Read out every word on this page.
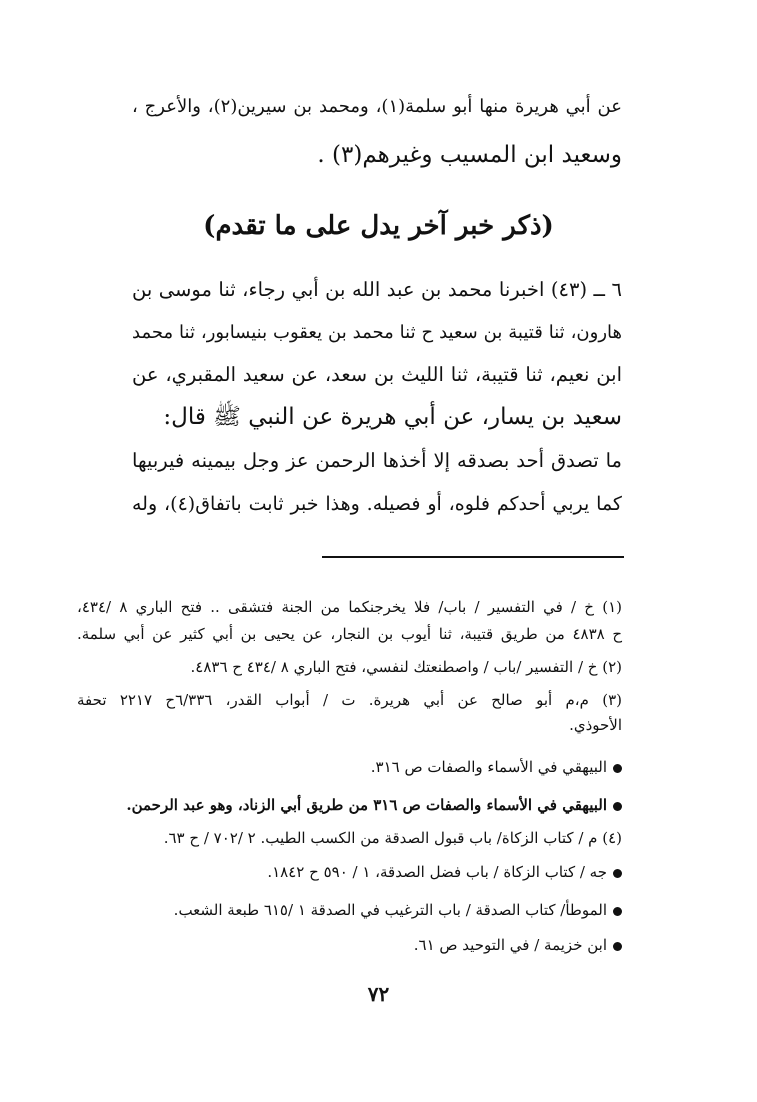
عن أبي هريرة منها أبو سلمة(١)، ومحمد بن سيرين(٢)، والأعرج ،
وسعيد ابن المسيب وغيرهم(٣) .
(ذكر خبر آخر يدل على ما تقدم)
٦ ــ (٤٣) اخبرنا محمد بن عبد الله بن أبي رجاء، ثنا موسى بن
هارون، ثنا قتيبة بن سعيد ح ثنا محمد بن يعقوب بنيسابور، ثنا محمد
ابن نعيم، ثنا قتيبة، ثنا الليث بن سعد، عن سعيد المقبري، عن
سعيد بن يسار، عن أبي هريرة عن النبي ﷺ قال:
ما تصدق أحد بصدقه إلا أخذها الرحمن عز وجل بيمينه فيربيها
كما يربي أحدكم فلوه، أو فصيله. وهذا خبر ثابت باتفاق(٤)، وله
(١) خ / في التفسير / باب/ فلا يخرجنكما من الجنة فتشقى .. فتح الباري ٨ /٤٣٤،
ح ٤٨٣٨ من طريق قتيبة، ثنا أيوب بن النجار، عن يحيى بن أبي كثير عن أبي سلمة.
(٢) خ / التفسير /باب / واصطنعتك لنفسي، فتح الباري ٨ /٤٣٤ ح ٤٨٣٦.
(٣) م،م أبو صالح عن أبي هريرة. ت / أبواب القدر، ٦/٣٣٦ح ٢٢١٧ تحفة
الأحوذي.
البيهقي في الأسماء والصفات ص ٣١٦.
البيهقي في الأسماء والصفات ص ٣١٦ من طريق أبي الزناد، وهو عبد الرحمن.
(٤) م / كتاب الزكاة/ باب قبول الصدقة من الكسب الطيب. ٢ /٧٠٢ / ح ٦٣.
جه / كتاب الزكاة / باب فضل الصدقة، ١ / ٥٩٠ ح ١٨٤٢.
الموطأ/ كتاب الصدقة / باب الترغيب في الصدقة ١ /٦١٥ طبعة الشعب.
ابن خزيمة / في التوحيد ص ٦١.
٧٢
